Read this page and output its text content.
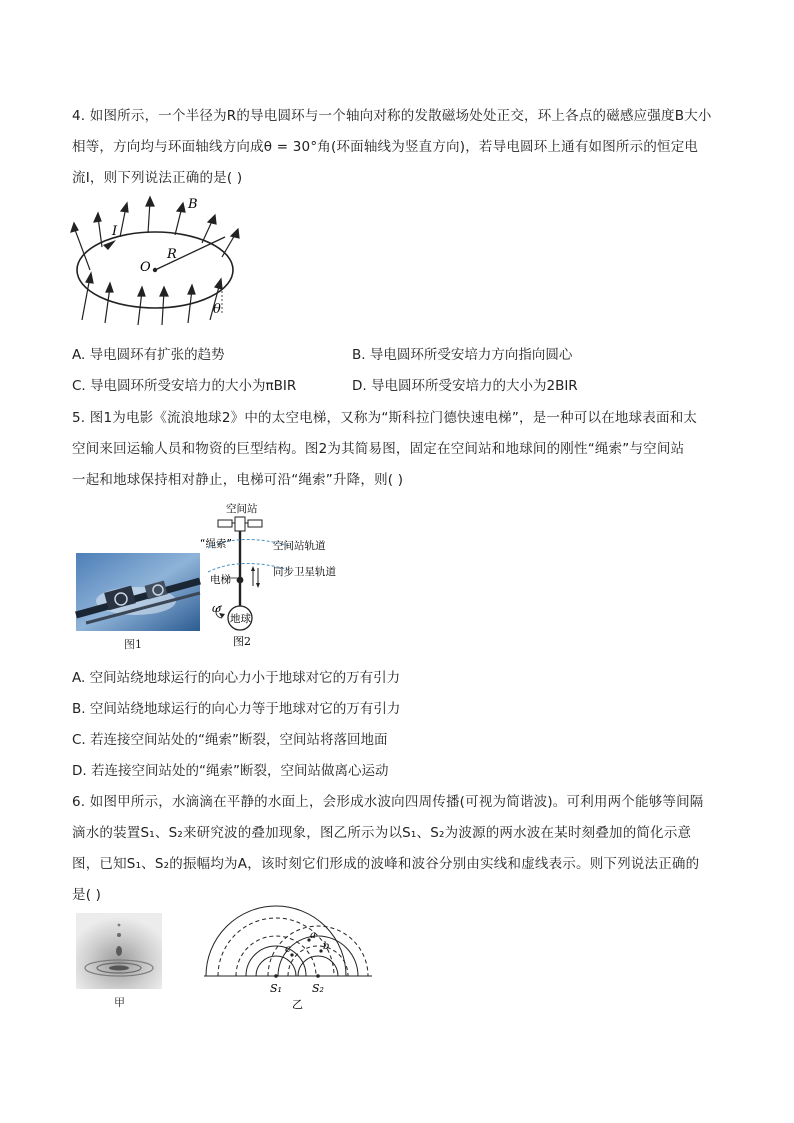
4. 如图所示，一个半径为R的导电圆环与一个轴向对称的发散磁场处处正交，环上各点的磁感应强度B大小
相等，方向均与环面轴线方向成θ = 30°角(环面轴线为竖直方向)，若导电圆环上通有如图所示的恒定电
流I，则下列说法正确的是( )
B
I
O
R
θ
A. 导电圆环有扩张的趋势	B. 导电圆环所受安培力方向指向圆心
C. 导电圆环所受安培力的大小为πBIR	D. 导电圆环所受安培力的大小为2BIR
5. 图1为电影《流浪地球2》中的太空电梯，又称为“斯科拉门德快速电梯”，是一种可以在地球表面和太
空间来回运输人员和物资的巨型结构。图2为其简易图，固定在空间站和地球间的刚性“绳索”与空间站
一起和地球保持相对静止，电梯可沿“绳索”升降，则( )
图1
空间站
“绳索”	空间站轨道
电梯
同步卫星轨道
ω
地球
图2
A. 空间站绕地球运行的向心力小于地球对它的万有引力
B. 空间站绕地球运行的向心力等于地球对它的万有引力
C. 若连接空间站处的“绳索”断裂，空间站将落回地面
D. 若连接空间站处的“绳索”断裂，空间站做离心运动
6. 如图甲所示，水滴滴在平静的水面上，会形成水波向四周传播(可视为简谐波)。可利用两个能够等间隔
滴水的装置S₁、S₂来研究波的叠加现象，图乙所示为以S₁、S₂为波源的两水波在某时刻叠加的简化示意
图，已知S₁、S₂的振幅均为A，该时刻它们形成的波峰和波谷分别由实线和虚线表示。则下列说法正确的
是( )
甲
a
b
c
S₁	S₂
乙
